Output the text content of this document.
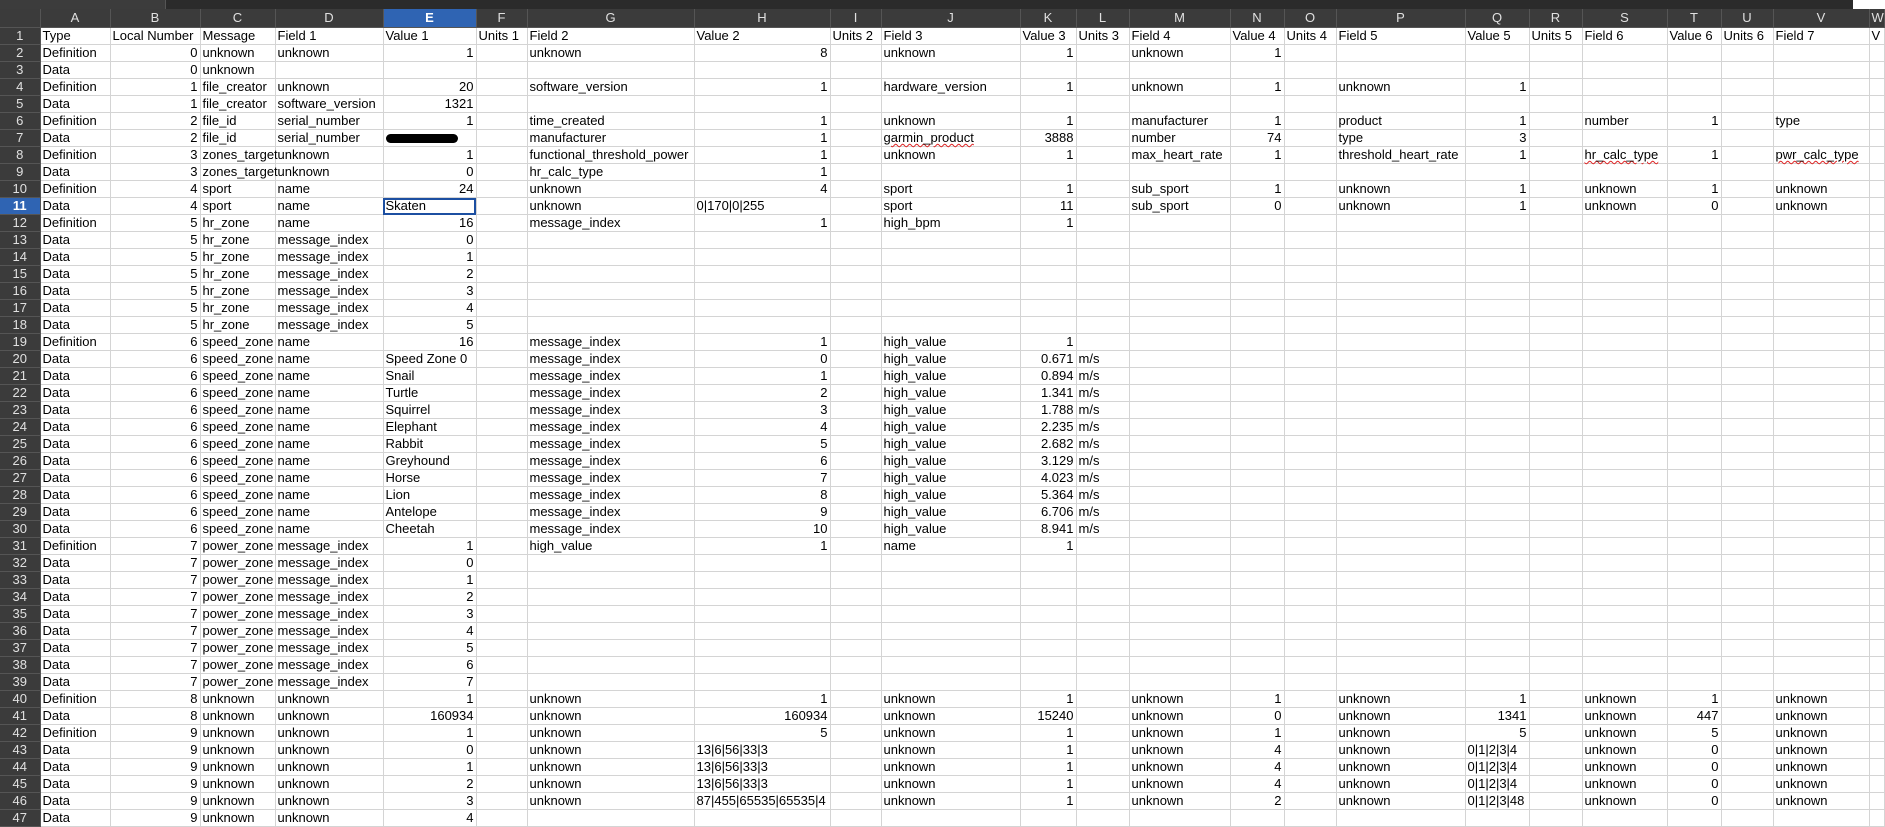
	A	B	C	D	E	F	G	H	I	J	K	L	M	N	O	P	Q	R	S	T	U	V	W
1	Type	Local Number	Message	Field 1	Value 1	Units 1	Field 2	Value 2	Units 2	Field 3	Value 3	Units 3	Field 4	Value 4	Units 4	Field 5	Value 5	Units 5	Field 6	Value 6	Units 6	Field 7	V
2	Definition	0	unknown	unknown	1		unknown	8		unknown	1		unknown	1									
3	Data	0	unknown																				
4	Definition	1	file_creator	unknown	20		software_version	1		hardware_version	1		unknown	1		unknown	1						
5	Data	1	file_creator	software_version	1321																		
6	Definition	2	file_id	serial_number	1		time_created	1		unknown	1		manufacturer	1		product	1		number	1		type	
7	Data	2	file_id	serial_number			manufacturer	1		garmin_product	3888		number	74		type	3						
8	Definition	3	zones_target	unknown	1		functional_threshold_power	1		unknown	1		max_heart_rate	1		threshold_heart_rate	1		hr_calc_type	1		pwr_calc_type	
9	Data	3	zones_target	unknown	0		hr_calc_type	1															
10	Definition	4	sport	name	24		unknown	4		sport	1		sub_sport	1		unknown	1		unknown	1		unknown	
11	Data	4	sport	name	Skaten		unknown	0|170|0|255		sport	11		sub_sport	0		unknown	1		unknown	0		unknown	
12	Definition	5	hr_zone	name	16		message_index	1		high_bpm	1												
13	Data	5	hr_zone	message_index	0																		
14	Data	5	hr_zone	message_index	1																		
15	Data	5	hr_zone	message_index	2																		
16	Data	5	hr_zone	message_index	3																		
17	Data	5	hr_zone	message_index	4																		
18	Data	5	hr_zone	message_index	5																		
19	Definition	6	speed_zone	name	16		message_index	1		high_value	1												
20	Data	6	speed_zone	name	Speed Zone 0		message_index	0		high_value	0.671	m/s											
21	Data	6	speed_zone	name	Snail		message_index	1		high_value	0.894	m/s											
22	Data	6	speed_zone	name	Turtle		message_index	2		high_value	1.341	m/s											
23	Data	6	speed_zone	name	Squirrel		message_index	3		high_value	1.788	m/s											
24	Data	6	speed_zone	name	Elephant		message_index	4		high_value	2.235	m/s											
25	Data	6	speed_zone	name	Rabbit		message_index	5		high_value	2.682	m/s											
26	Data	6	speed_zone	name	Greyhound		message_index	6		high_value	3.129	m/s											
27	Data	6	speed_zone	name	Horse		message_index	7		high_value	4.023	m/s											
28	Data	6	speed_zone	name	Lion		message_index	8		high_value	5.364	m/s											
29	Data	6	speed_zone	name	Antelope		message_index	9		high_value	6.706	m/s											
30	Data	6	speed_zone	name	Cheetah		message_index	10		high_value	8.941	m/s											
31	Definition	7	power_zone	message_index	1		high_value	1		name	1												
32	Data	7	power_zone	message_index	0																		
33	Data	7	power_zone	message_index	1																		
34	Data	7	power_zone	message_index	2																		
35	Data	7	power_zone	message_index	3																		
36	Data	7	power_zone	message_index	4																		
37	Data	7	power_zone	message_index	5																		
38	Data	7	power_zone	message_index	6																		
39	Data	7	power_zone	message_index	7																		
40	Definition	8	unknown	unknown	1		unknown	1		unknown	1		unknown	1		unknown	1		unknown	1		unknown	
41	Data	8	unknown	unknown	160934		unknown	160934		unknown	15240		unknown	0		unknown	1341		unknown	447		unknown	
42	Definition	9	unknown	unknown	1		unknown	5		unknown	1		unknown	1		unknown	5		unknown	5		unknown	
43	Data	9	unknown	unknown	0		unknown	13|6|56|33|3		unknown	1		unknown	4		unknown	0|1|2|3|4		unknown	0		unknown	
44	Data	9	unknown	unknown	1		unknown	13|6|56|33|3		unknown	1		unknown	4		unknown	0|1|2|3|4		unknown	0		unknown	
45	Data	9	unknown	unknown	2		unknown	13|6|56|33|3		unknown	1		unknown	4		unknown	0|1|2|3|4		unknown	0		unknown	
46	Data	9	unknown	unknown	3		unknown	87|455|65535|65535|4		unknown	1		unknown	2		unknown	0|1|2|3|48		unknown	0		unknown	
47	Data	9	unknown	unknown	4																		
